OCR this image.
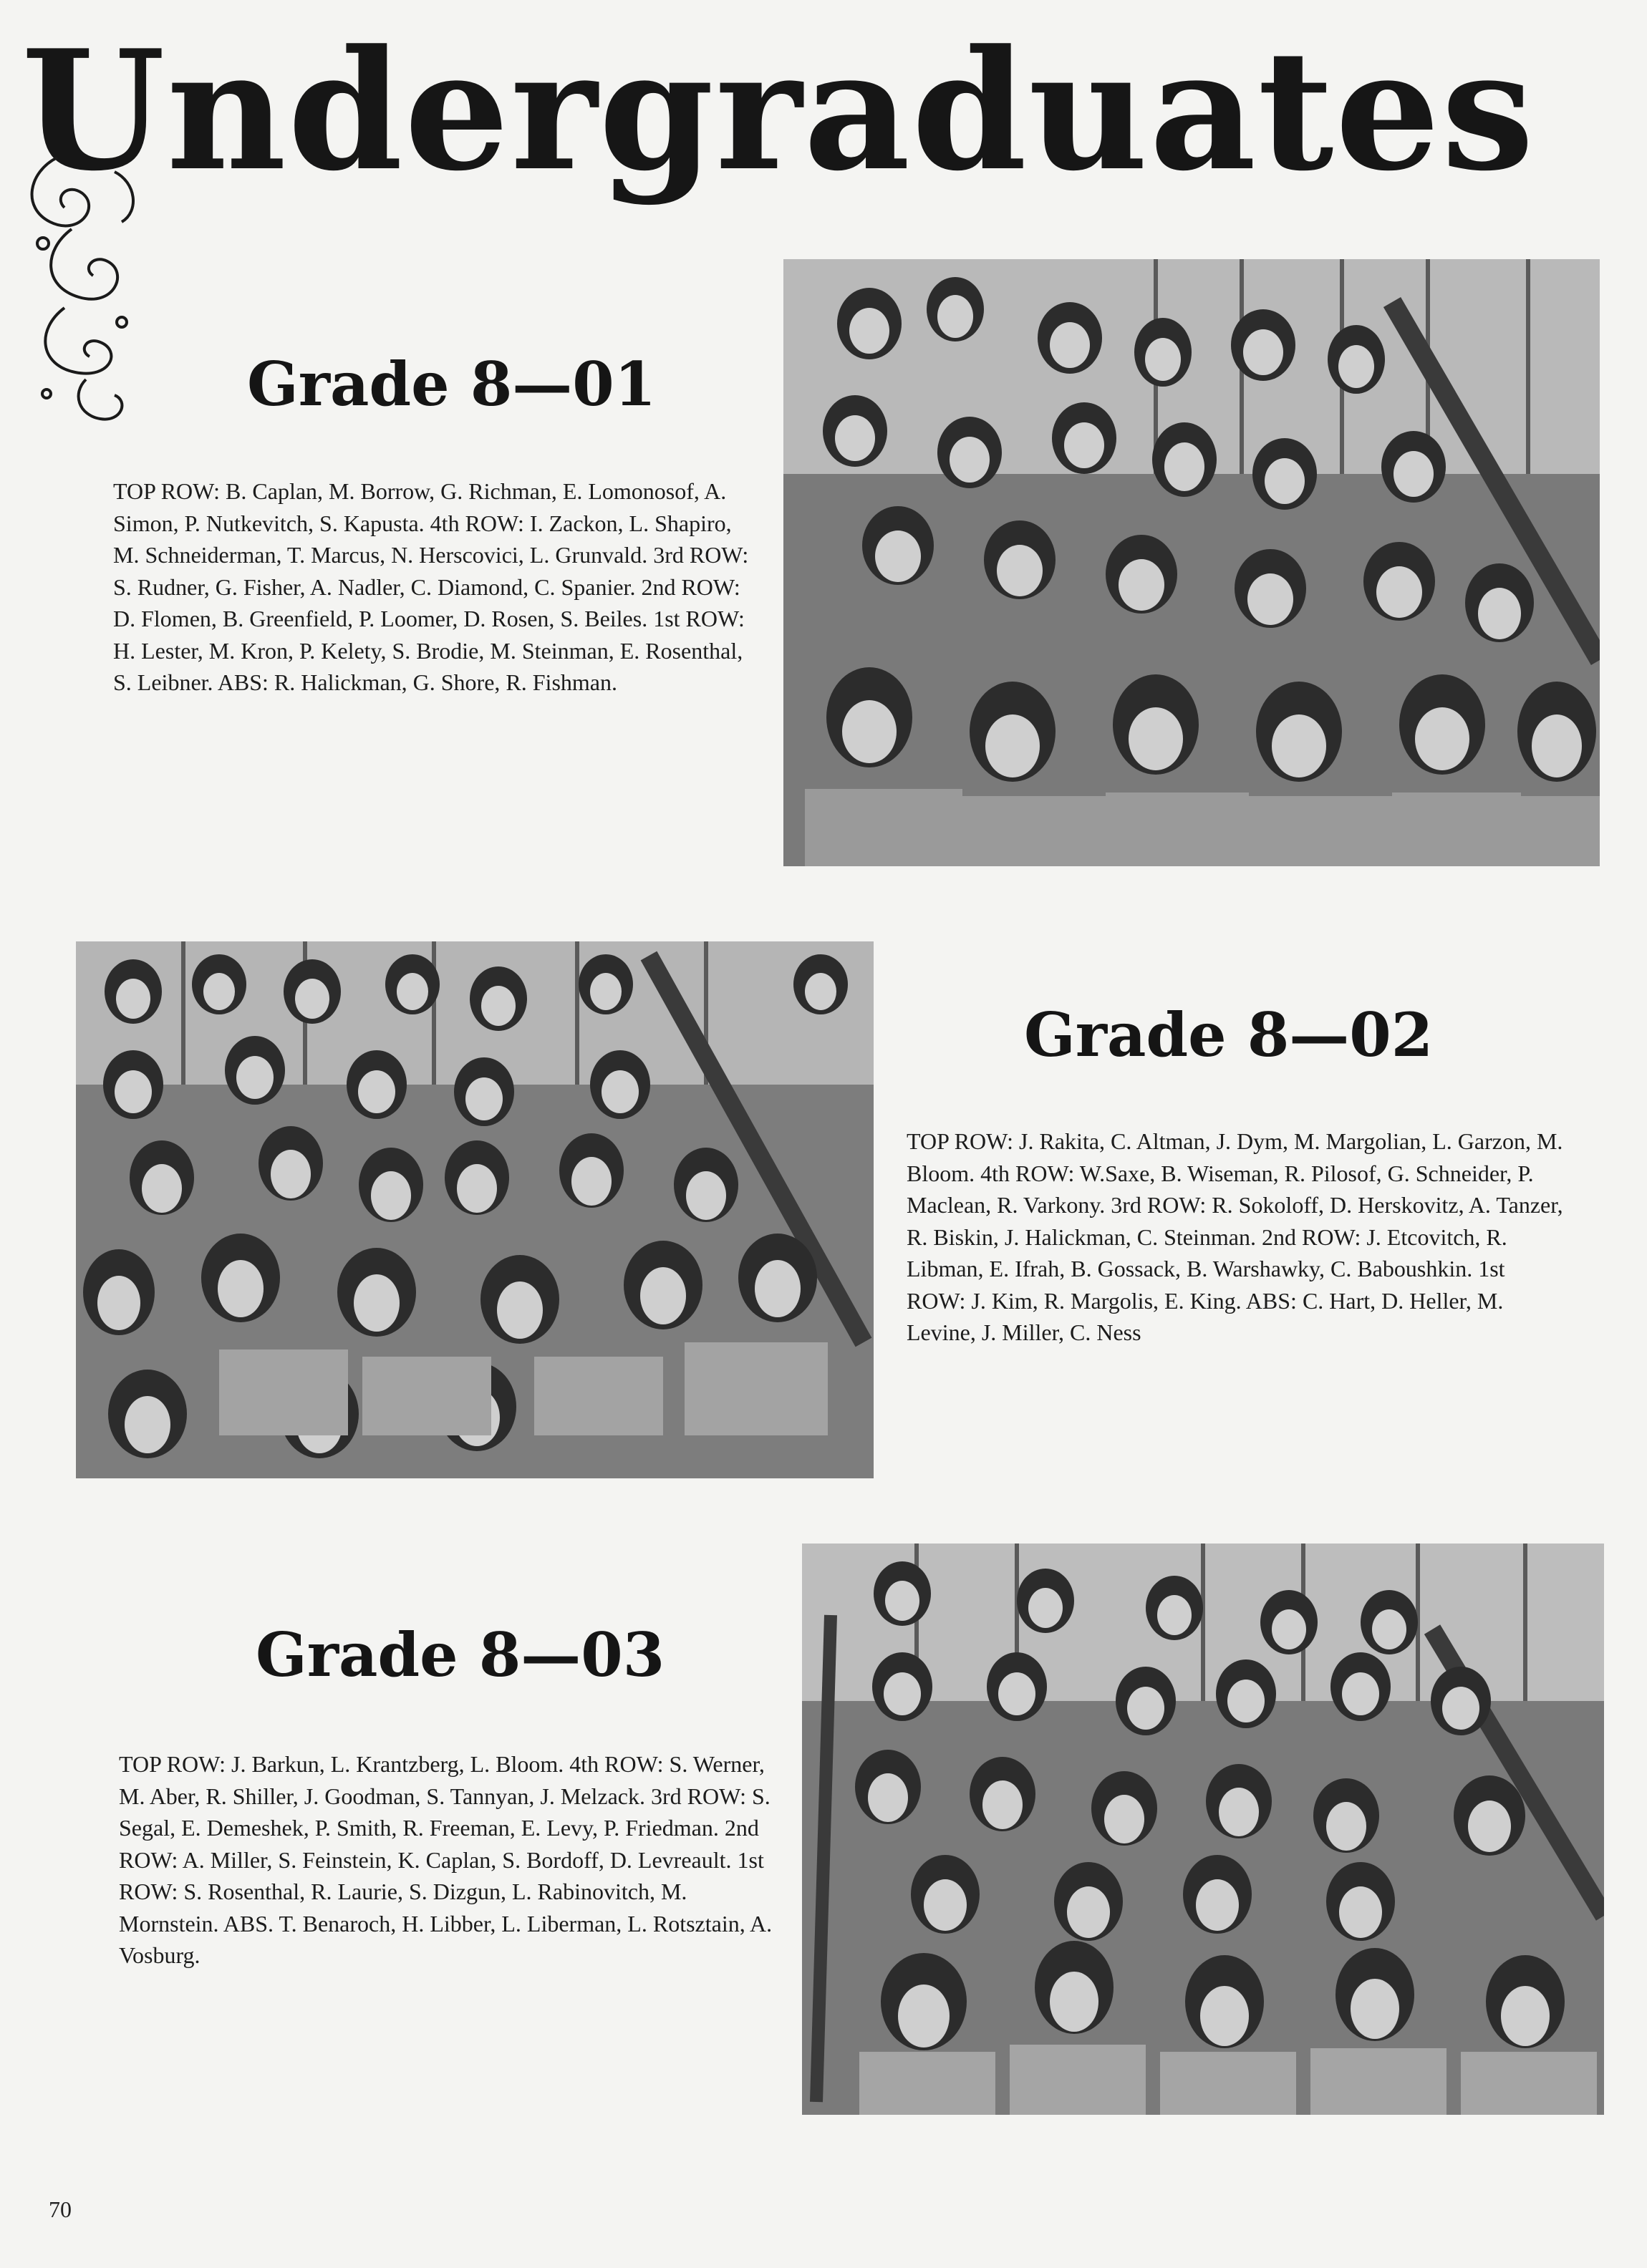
Undergraduates
Grade 8—01
TOP ROW: B. Caplan, M. Borrow, G. Richman, E. Lomonosof, A. Simon, P. Nutkevitch, S. Kapusta. 4th ROW: I. Zackon, L. Shapiro, M. Schneiderman, T. Marcus, N. Herscovici, L. Grunvald. 3rd ROW: S. Rudner, G. Fisher, A. Nadler, C. Diamond, C. Spanier. 2nd ROW: D. Flomen, B. Greenfield, P. Loomer, D. Rosen, S. Beiles. 1st ROW: H. Lester, M. Kron, P. Kelety, S. Brodie, M. Steinman, E. Rosenthal, S. Leibner. ABS: R. Halickman, G. Shore, R. Fishman.
Grade 8—02
TOP ROW: J. Rakita, C. Altman, J. Dym, M. Margolian, L. Garzon, M. Bloom. 4th ROW: W.Saxe, B. Wiseman, R. Pilosof, G. Schneider, P. Maclean, R. Varkony. 3rd ROW: R. Sokoloff, D. Herskovitz, A. Tanzer, R. Biskin, J. Halickman, C. Steinman. 2nd ROW: J. Etcovitch, R. Libman, E. Ifrah, B. Gossack, B. Warshawky, C. Baboushkin. 1st ROW: J. Kim, R. Margolis, E. King. ABS: C. Hart, D. Heller, M. Levine, J. Miller, C. Ness
Grade 8—03
TOP ROW: J. Barkun, L. Krantzberg, L. Bloom. 4th ROW: S. Werner, M. Aber, R. Shiller, J. Goodman, S. Tannyan, J. Melzack. 3rd ROW: S. Segal, E. Demeshek, P. Smith, R. Freeman, E. Levy, P. Friedman. 2nd ROW: A. Miller, S. Feinstein, K. Caplan, S. Bordoff, D. Levreault. 1st ROW: S. Rosenthal, R. Laurie, S. Dizgun, L. Rabinovitch, M. Mornstein. ABS. T. Benaroch, H. Libber, L. Liberman, L. Rotsztain, A. Vosburg.
70
